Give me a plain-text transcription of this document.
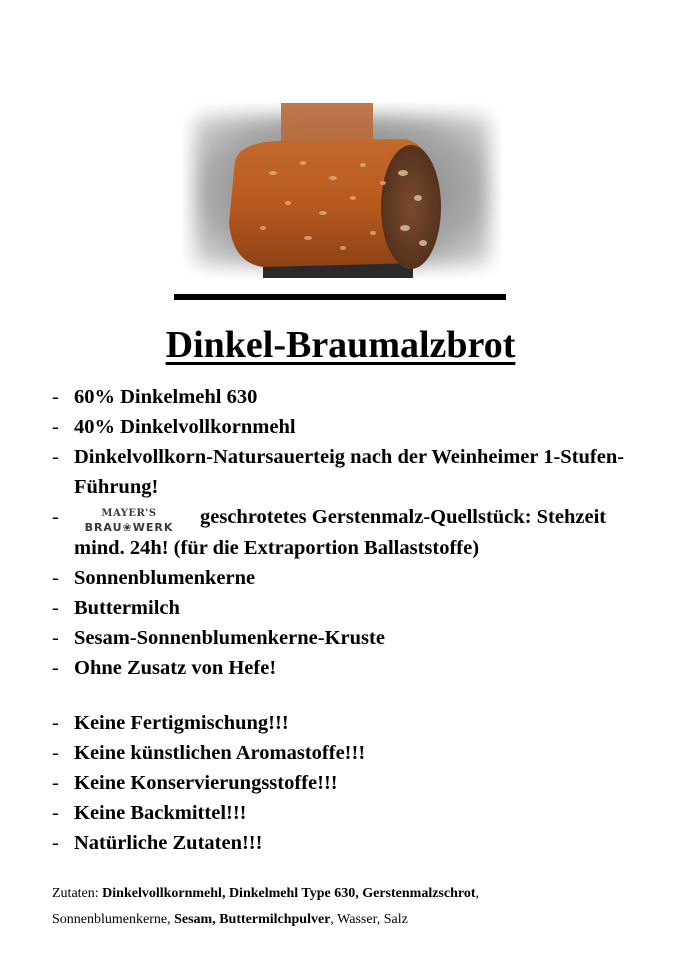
Dinkel-Braumalzbrot
- 60% Dinkelmehl 630
- 40% Dinkelvollkornmehl
- Dinkelvollkorn-Natursauerteig nach der Weinheimer 1-Stufen-Führung!
-	MAYER'S
BRAU❀WERK geschrotetes Gerstenmalz-Quellstück: Stehzeit mind. 24h! (für die Extraportion Ballaststoffe)
- Sonnenblumenkerne
- Buttermilch
- Sesam-Sonnenblumenkerne-Kruste
- Ohne Zusatz von Hefe!
- Keine Fertigmischung!!!
- Keine künstlichen Aromastoffe!!!
- Keine Konservierungsstoffe!!!
- Keine Backmittel!!!
- Natürliche Zutaten!!!
Zutaten: Dinkelvollkornmehl, Dinkelmehl Type 630, Gerstenmalzschrot,
Sonnenblumenkerne, Sesam, Buttermilchpulver, Wasser, Salz
